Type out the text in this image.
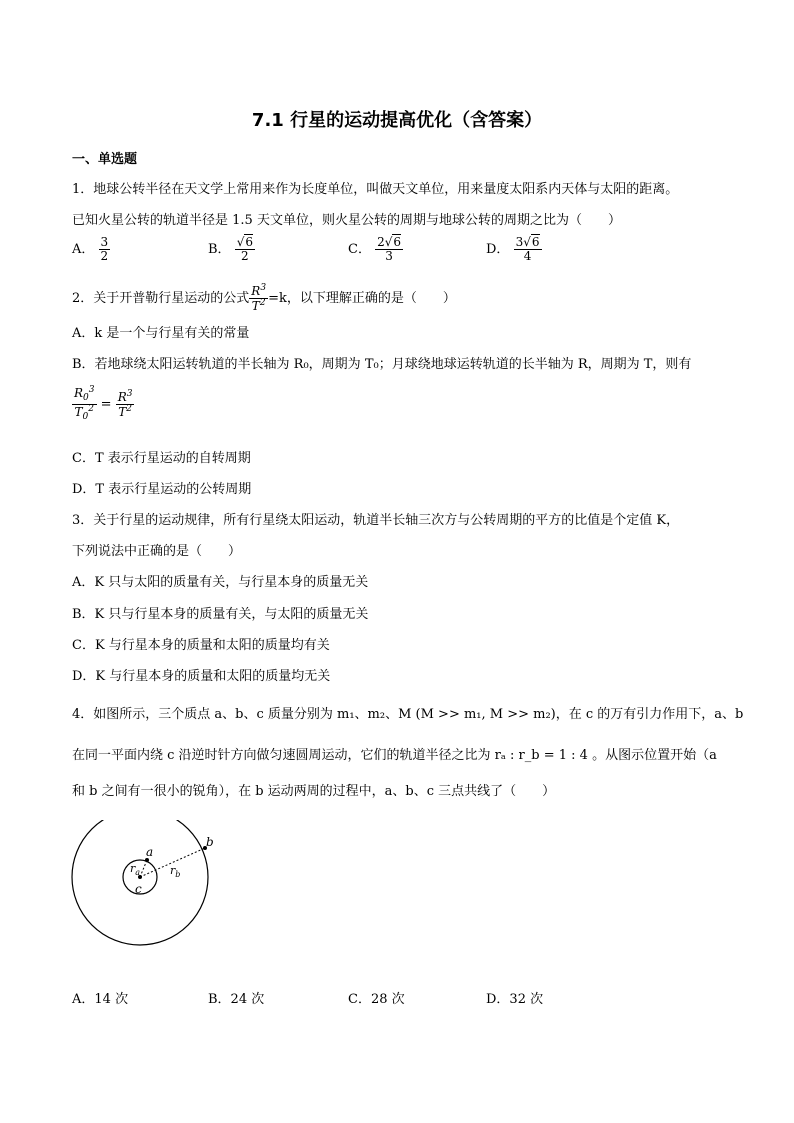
7.1 行星的运动提高优化（含答案）
一、单选题
1．地球公转半径在天文学上常用来作为长度单位，叫做天文单位，用来量度太阳系内天体与太阳的距离。
已知火星公转的轨道半径是 1.5 天文单位，则火星公转的周期与地球公转的周期之比为（　　）
A． $\frac{3}{2}$	B． $\frac{√6}{2}$	C． $\frac{2√6}{3}$	D． $\frac{3√6}{4}$
2．关于开普勒行星运动的公式 $\frac{R^3}{T^2} =k$，以下理解正确的是（　　）
A．k 是一个与行星有关的常量
B．若地球绕太阳运转轨道的半长轴为 R₀，周期为 T₀；月球绕地球运转轨道的长半轴为 R，周期为 T，则有
$\frac{R_0^3}{T_0^2} = \frac{R^3}{T^2}$
C．T 表示行星运动的自转周期
D．T 表示行星运动的公转周期
3．关于行星的运动规律，所有行星绕太阳运动，轨道半长轴三次方与公转周期的平方的比值是个定值 K，
下列说法中正确的是（　　）
A．K 只与太阳的质量有关，与行星本身的质量无关
B．K 只与行星本身的质量有关，与太阳的质量无关
C．K 与行星本身的质量和太阳的质量均有关
D．K 与行星本身的质量和太阳的质量均无关
4．如图所示，三个质点 a、b、c 质量分别为 m₁、m₂、M (M >> m₁, M >> m₂)，在 c 的万有引力作用下，a、b
在同一平面内绕 c 沿逆时针方向做匀速圆周运动，它们的轨道半径之比为 rₐ : r_b = 1 : 4 。从图示位置开始（a
和 b 之间有一很小的锐角），在 b 运动两周的过程中，a、b、c 三点共线了（　　）
a
b
c
$r_a$	$r_b$
A．14 次	B．24 次	C．28 次	D．32 次
